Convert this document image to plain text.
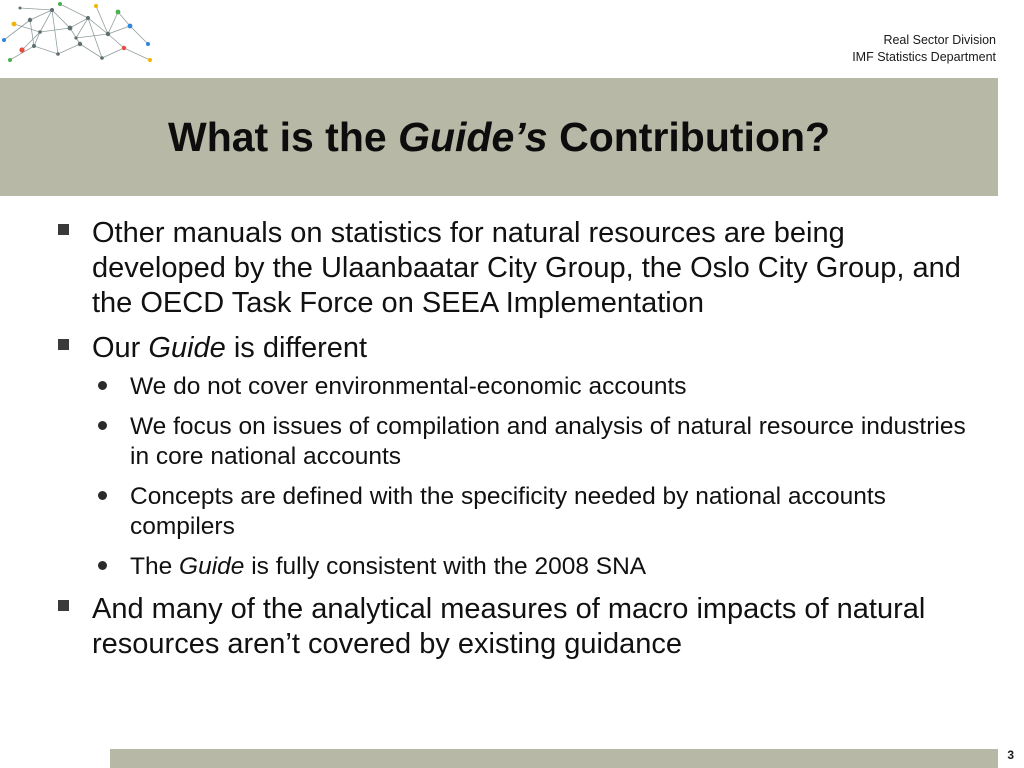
Real Sector Division
IMF Statistics Department
What is the Guide’s Contribution?
Other manuals on statistics for natural resources are being developed by the Ulaanbaatar City Group, the Oslo City Group, and the OECD Task Force on SEEA Implementation
Our Guide is different
We do not cover environmental-economic accounts
We focus on issues of compilation and analysis of natural resource industries in core national accounts
Concepts are defined with the specificity needed by national accounts compilers
The Guide is fully consistent with the 2008 SNA
And many of the analytical measures of macro impacts of natural resources aren’t covered by existing guidance
3
